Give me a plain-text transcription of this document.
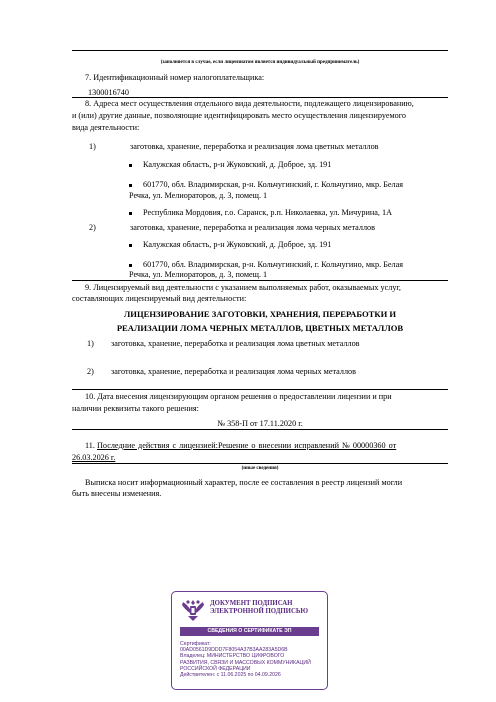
(заполняется в случае, если лицензиатом является индивидуальный предприниматель)
7. Идентификационный номер налогоплательщика:
1300016740
8. Адреса мест осуществления отдельного вида деятельности, подлежащего лицензированию,
и (или) другие данные, позволяющие идентифицировать место осуществления лицензируемого
вида деятельности:
1)	заготовка, хранение, переработка и реализация лома цветных металлов
Калужская область, р-н Жуковский, д. Доброе, зд. 191
601770, обл. Владимирская, р-н. Кольчугинский, г. Кольчугино, мкр. Белая
Речка, ул. Мелиораторов, д. 3, помещ. 1
Республика Мордовия, г.о. Саранск, р.п. Николаевка, ул. Мичурина, 1А
2)	заготовка, хранение, переработка и реализация лома черных металлов
Калужская область, р-н Жуковский, д. Доброе, зд. 191
601770, обл. Владимирская, р-н. Кольчугинский, г. Кольчугино, мкр. Белая
Речка, ул. Мелиораторов, д. 3, помещ. 1
9. Лицензируемый вид деятельности с указанием выполняемых работ, оказываемых услуг,
составляющих лицензируемый вид деятельности:
ЛИЦЕНЗИРОВАНИЕ ЗАГОТОВКИ, ХРАНЕНИЯ, ПЕРЕРАБОТКИ И
РЕАЛИЗАЦИИ ЛОМА ЧЕРНЫХ МЕТАЛЛОВ, ЦВЕТНЫХ МЕТАЛЛОВ
1) заготовка, хранение, переработка и реализация лома цветных металлов
2) заготовка, хранение, переработка и реализация лома черных металлов
10. Дата внесения лицензирующим органом решения о предоставлении лицензии и при
наличии реквизиты такого решения:
№ 358-П от 17.11.2020 г.
11. Последние действия с лицензией:Решение о внесении исправлений № 00000360 от
26.03.2026 г.
(иные сведения)
Выписка носит информационный характер, после ее составления в реестр лицензий могли
быть внесены изменения.
ДОКУМЕНТ ПОДПИСАН
ЭЛЕКТРОННОЙ ПОДПИСЬЮ
СВЕДЕНИЯ О СЕРТИФИКАТЕ ЭП
Сертификат:
00AD0561D9DDD7F8054A37B3AA283A5D6B
Владелец: МИНИСТЕРСТВО ЦИФРОВОГО
РАЗВИТИЯ, СВЯЗИ И МАССОВЫХ КОММУНИКАЦИЙ
РОССИЙСКОЙ ФЕДЕРАЦИИ
Действителен: с 11.06.2025 по 04.09.2026
